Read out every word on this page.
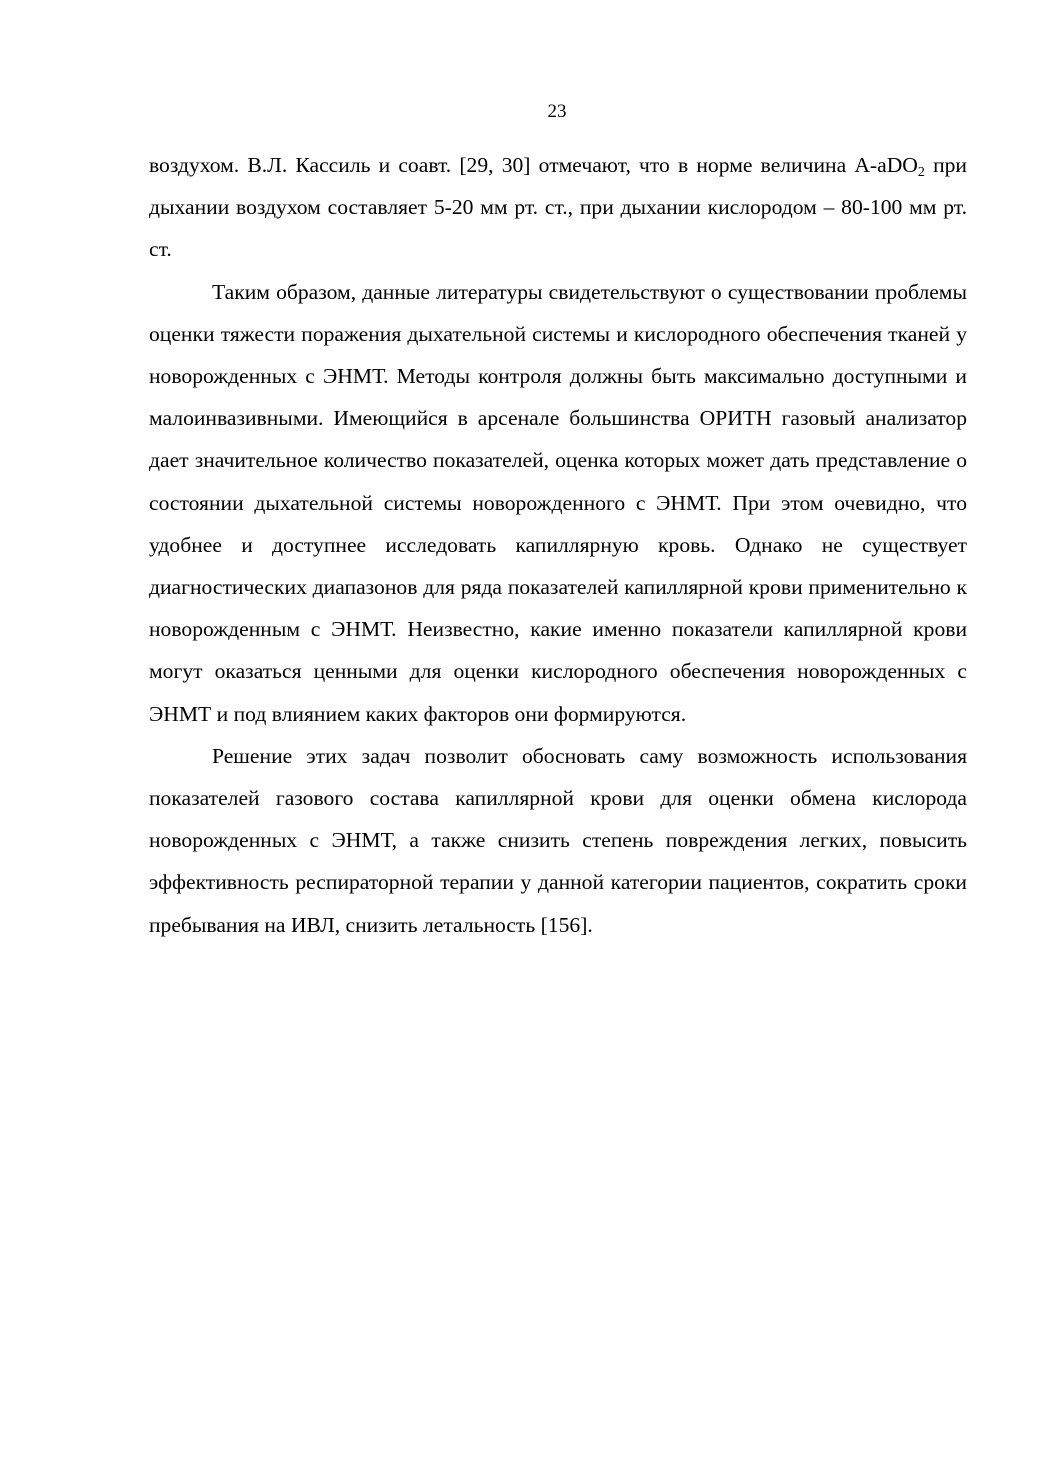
23

воздухом. В.Л. Кассиль и соавт. [29, 30] отмечают, что в норме величина А-aDO$_2$ при дыхании воздухом составляет 5-20 мм рт. ст., при дыхании кислородом – 80-100 мм рт. ст.

Таким образом, данные литературы свидетельствуют о существовании проблемы оценки тяжести поражения дыхательной системы и кислородного обеспечения тканей у новорожденных с ЭНМТ. Методы контроля должны быть максимально доступными и малоинвазивными. Имеющийся в арсенале большинства ОРИТН газовый анализатор дает значительное количество показателей, оценка которых может дать представление о состоянии дыхательной системы новорожденного с ЭНМТ. При этом очевидно, что удобнее и доступнее исследовать капиллярную кровь. Однако не существует диагностических диапазонов для ряда показателей капиллярной крови применительно к новорожденным с ЭНМТ. Неизвестно, какие именно показатели капиллярной крови могут оказаться ценными для оценки кислородного обеспечения новорожденных с ЭНМТ и под влиянием каких факторов они формируются.

Решение этих задач позволит обосновать саму возможность использования показателей газового состава капиллярной крови для оценки обмена кислорода новорожденных с ЭНМТ, а также снизить степень повреждения легких, повысить эффективность респираторной терапии у данной категории пациентов, сократить сроки пребывания на ИВЛ, снизить летальность [156].
